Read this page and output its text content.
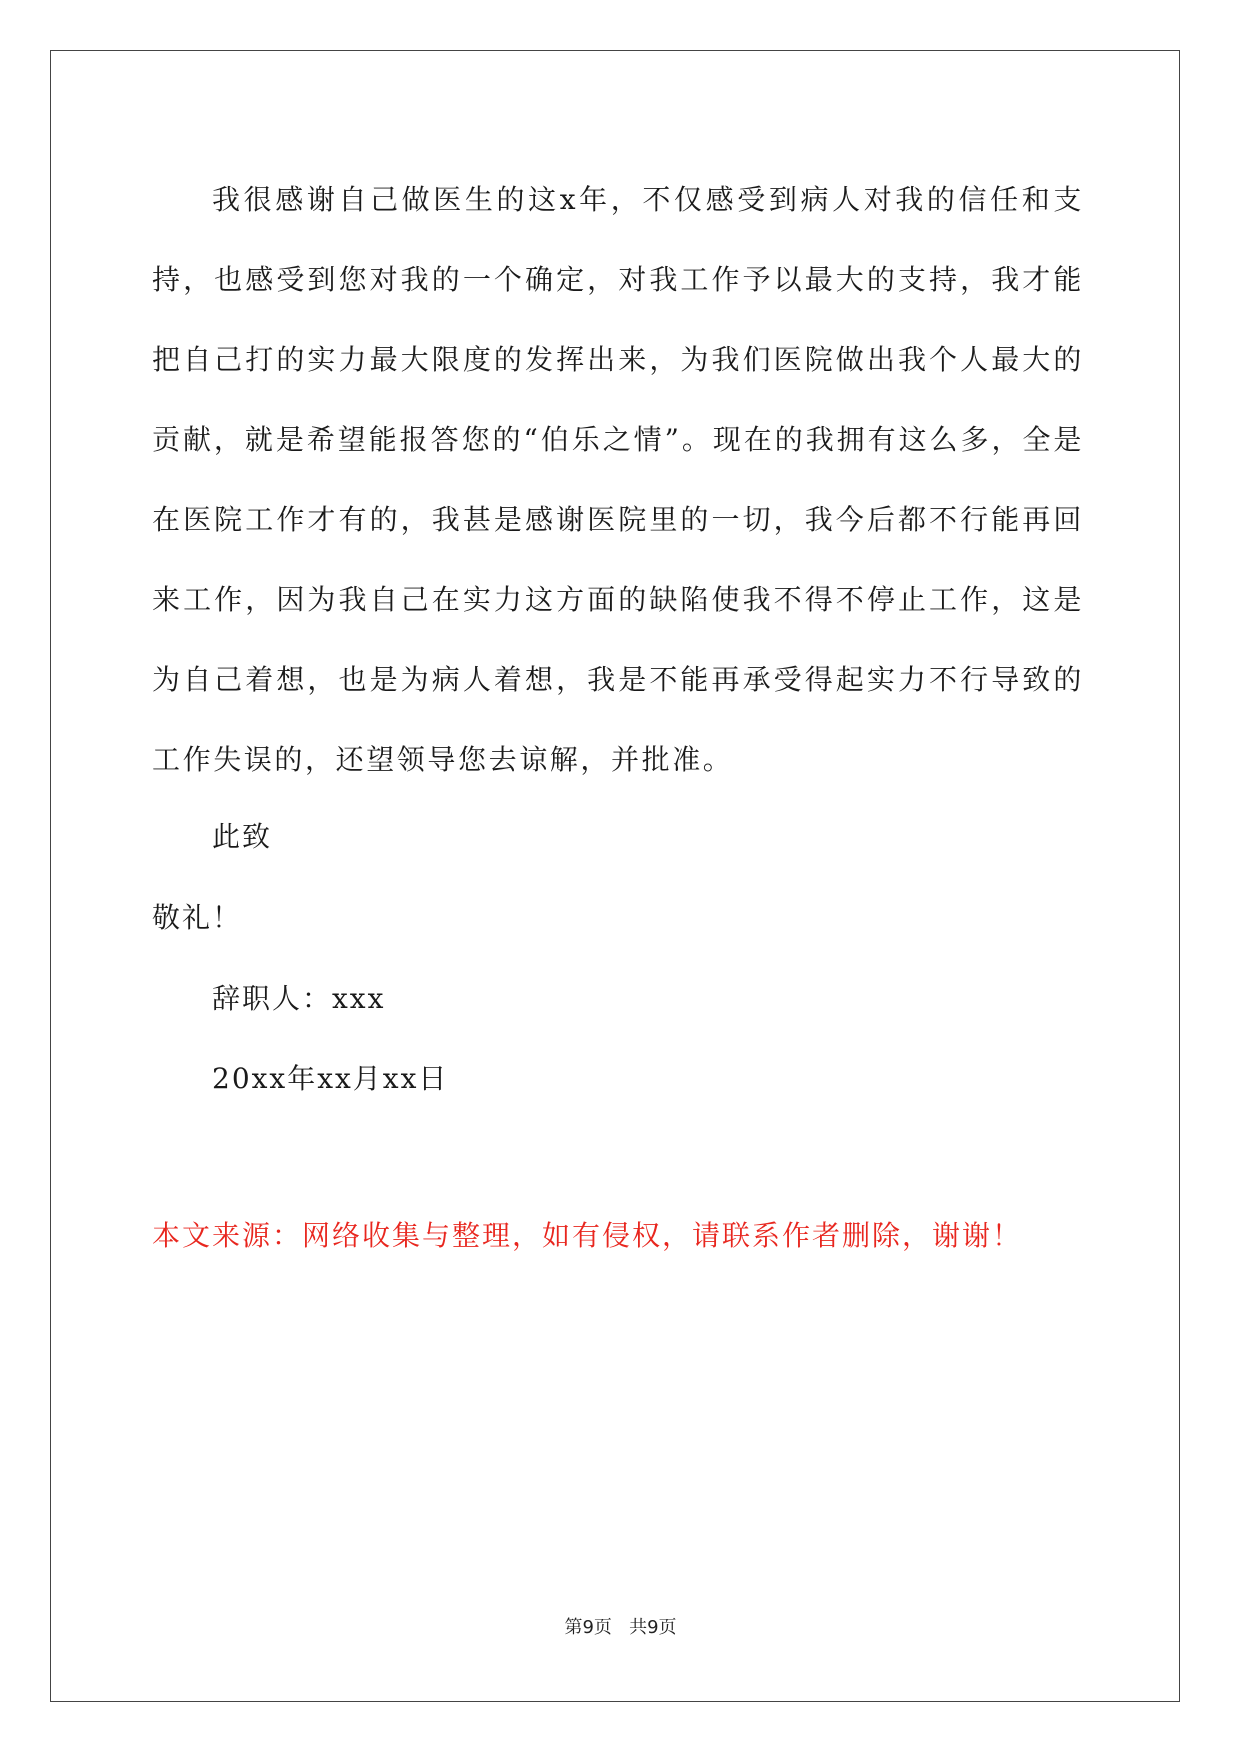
我很感谢自己做医生的这x年，不仅感受到病人对我的信任和支持，也感受到您对我的一个确定，对我工作予以最大的支持，我才能把自己打的实力最大限度的发挥出来，为我们医院做出我个人最大的贡献，就是希望能报答您的“伯乐之情”。现在的我拥有这么多，全是在医院工作才有的，我甚是感谢医院里的一切，我今后都不行能再回来工作，因为我自己在实力这方面的缺陷使我不得不停止工作，这是为自己着想，也是为病人着想，我是不能再承受得起实力不行导致的工作失误的，还望领导您去谅解，并批准。

此致

敬礼！

辞职人：xxx

20xx年xx月xx日

本文来源：网络收集与整理，如有侵权，请联系作者删除，谢谢！

第9页   共9页
